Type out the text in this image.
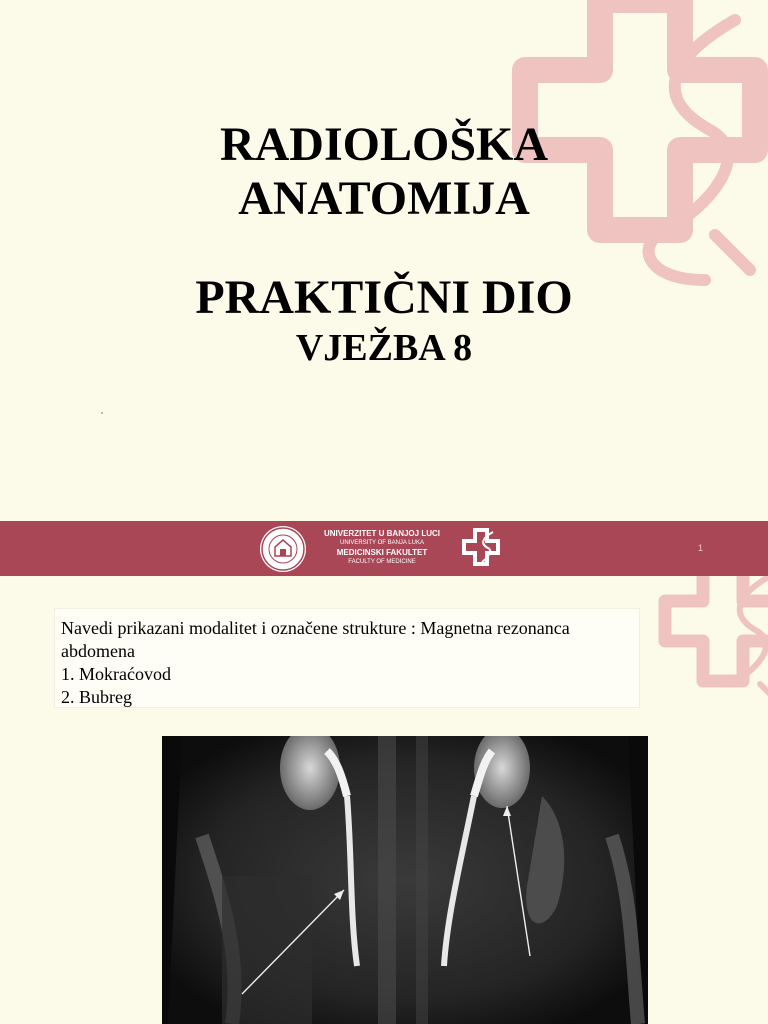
RADIOLOŠKA
ANATOMIJA
PRAKTIČNI DIO
VJEŽBA 8
UNIVERZITET U BANJOJ LUCI
UNIVERSITY OF BANJA LUKA
MEDICINSKI FAKULTET
FACULTY OF MEDICINE
1
Navedi prikazani modalitet i označene strukture : Magnetna rezonanca abdomena
1. Mokraćovod
2. Bubreg
